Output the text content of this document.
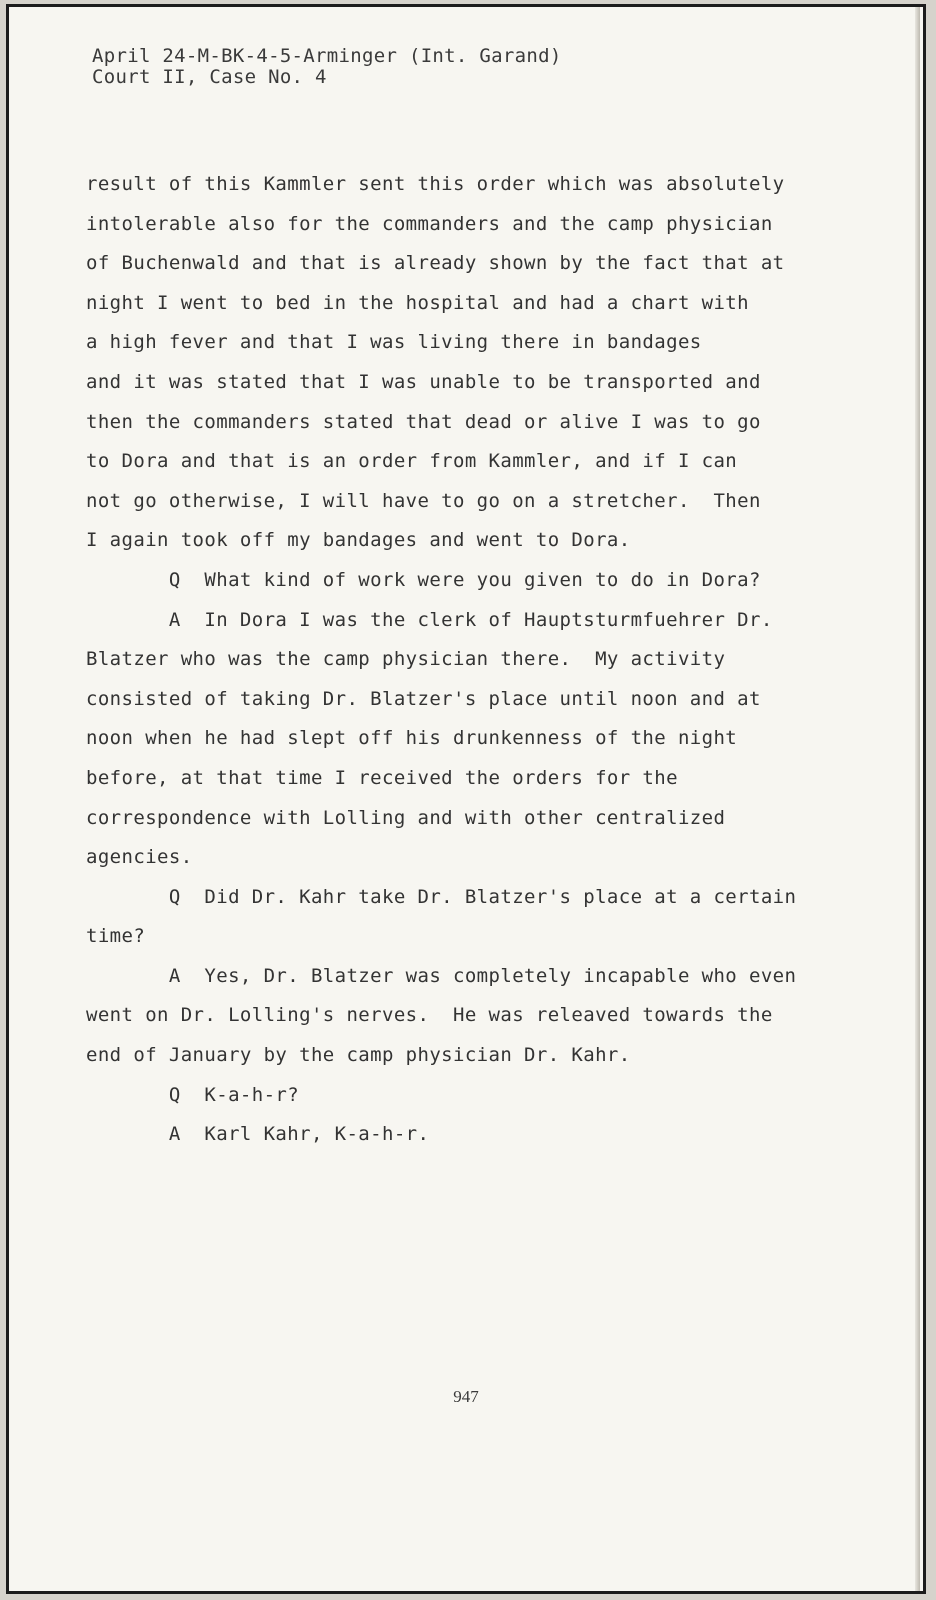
April 24-M-BK-4-5-Arminger (Int. Garand)
Court II, Case No. 4
result of this Kammler sent this order which was absolutely
intolerable also for the commanders and the camp physician
of Buchenwald and that is already shown by the fact that at
night I went to bed in the hospital and had a chart with
a high fever and that I was living there in bandages
and it was stated that I was unable to be transported and
then the commanders stated that dead or alive I was to go
to Dora and that is an order from Kammler, and if I can
not go otherwise, I will have to go on a stretcher.  Then
I again took off my bandages and went to Dora.
Q  What kind of work were you given to do in Dora?
A  In Dora I was the clerk of Hauptsturmfuehrer Dr.
Blatzer who was the camp physician there.  My activity
consisted of taking Dr. Blatzer's place until noon and at
noon when he had slept off his drunkenness of the night
before, at that time I received the orders for the
correspondence with Lolling and with other centralized
agencies.
Q  Did Dr. Kahr take Dr. Blatzer's place at a certain
time?
A  Yes, Dr. Blatzer was completely incapable who even
went on Dr. Lolling's nerves.  He was releaved towards the
end of January by the camp physician Dr. Kahr.
Q  K-a-h-r?
A  Karl Kahr, K-a-h-r.
947
